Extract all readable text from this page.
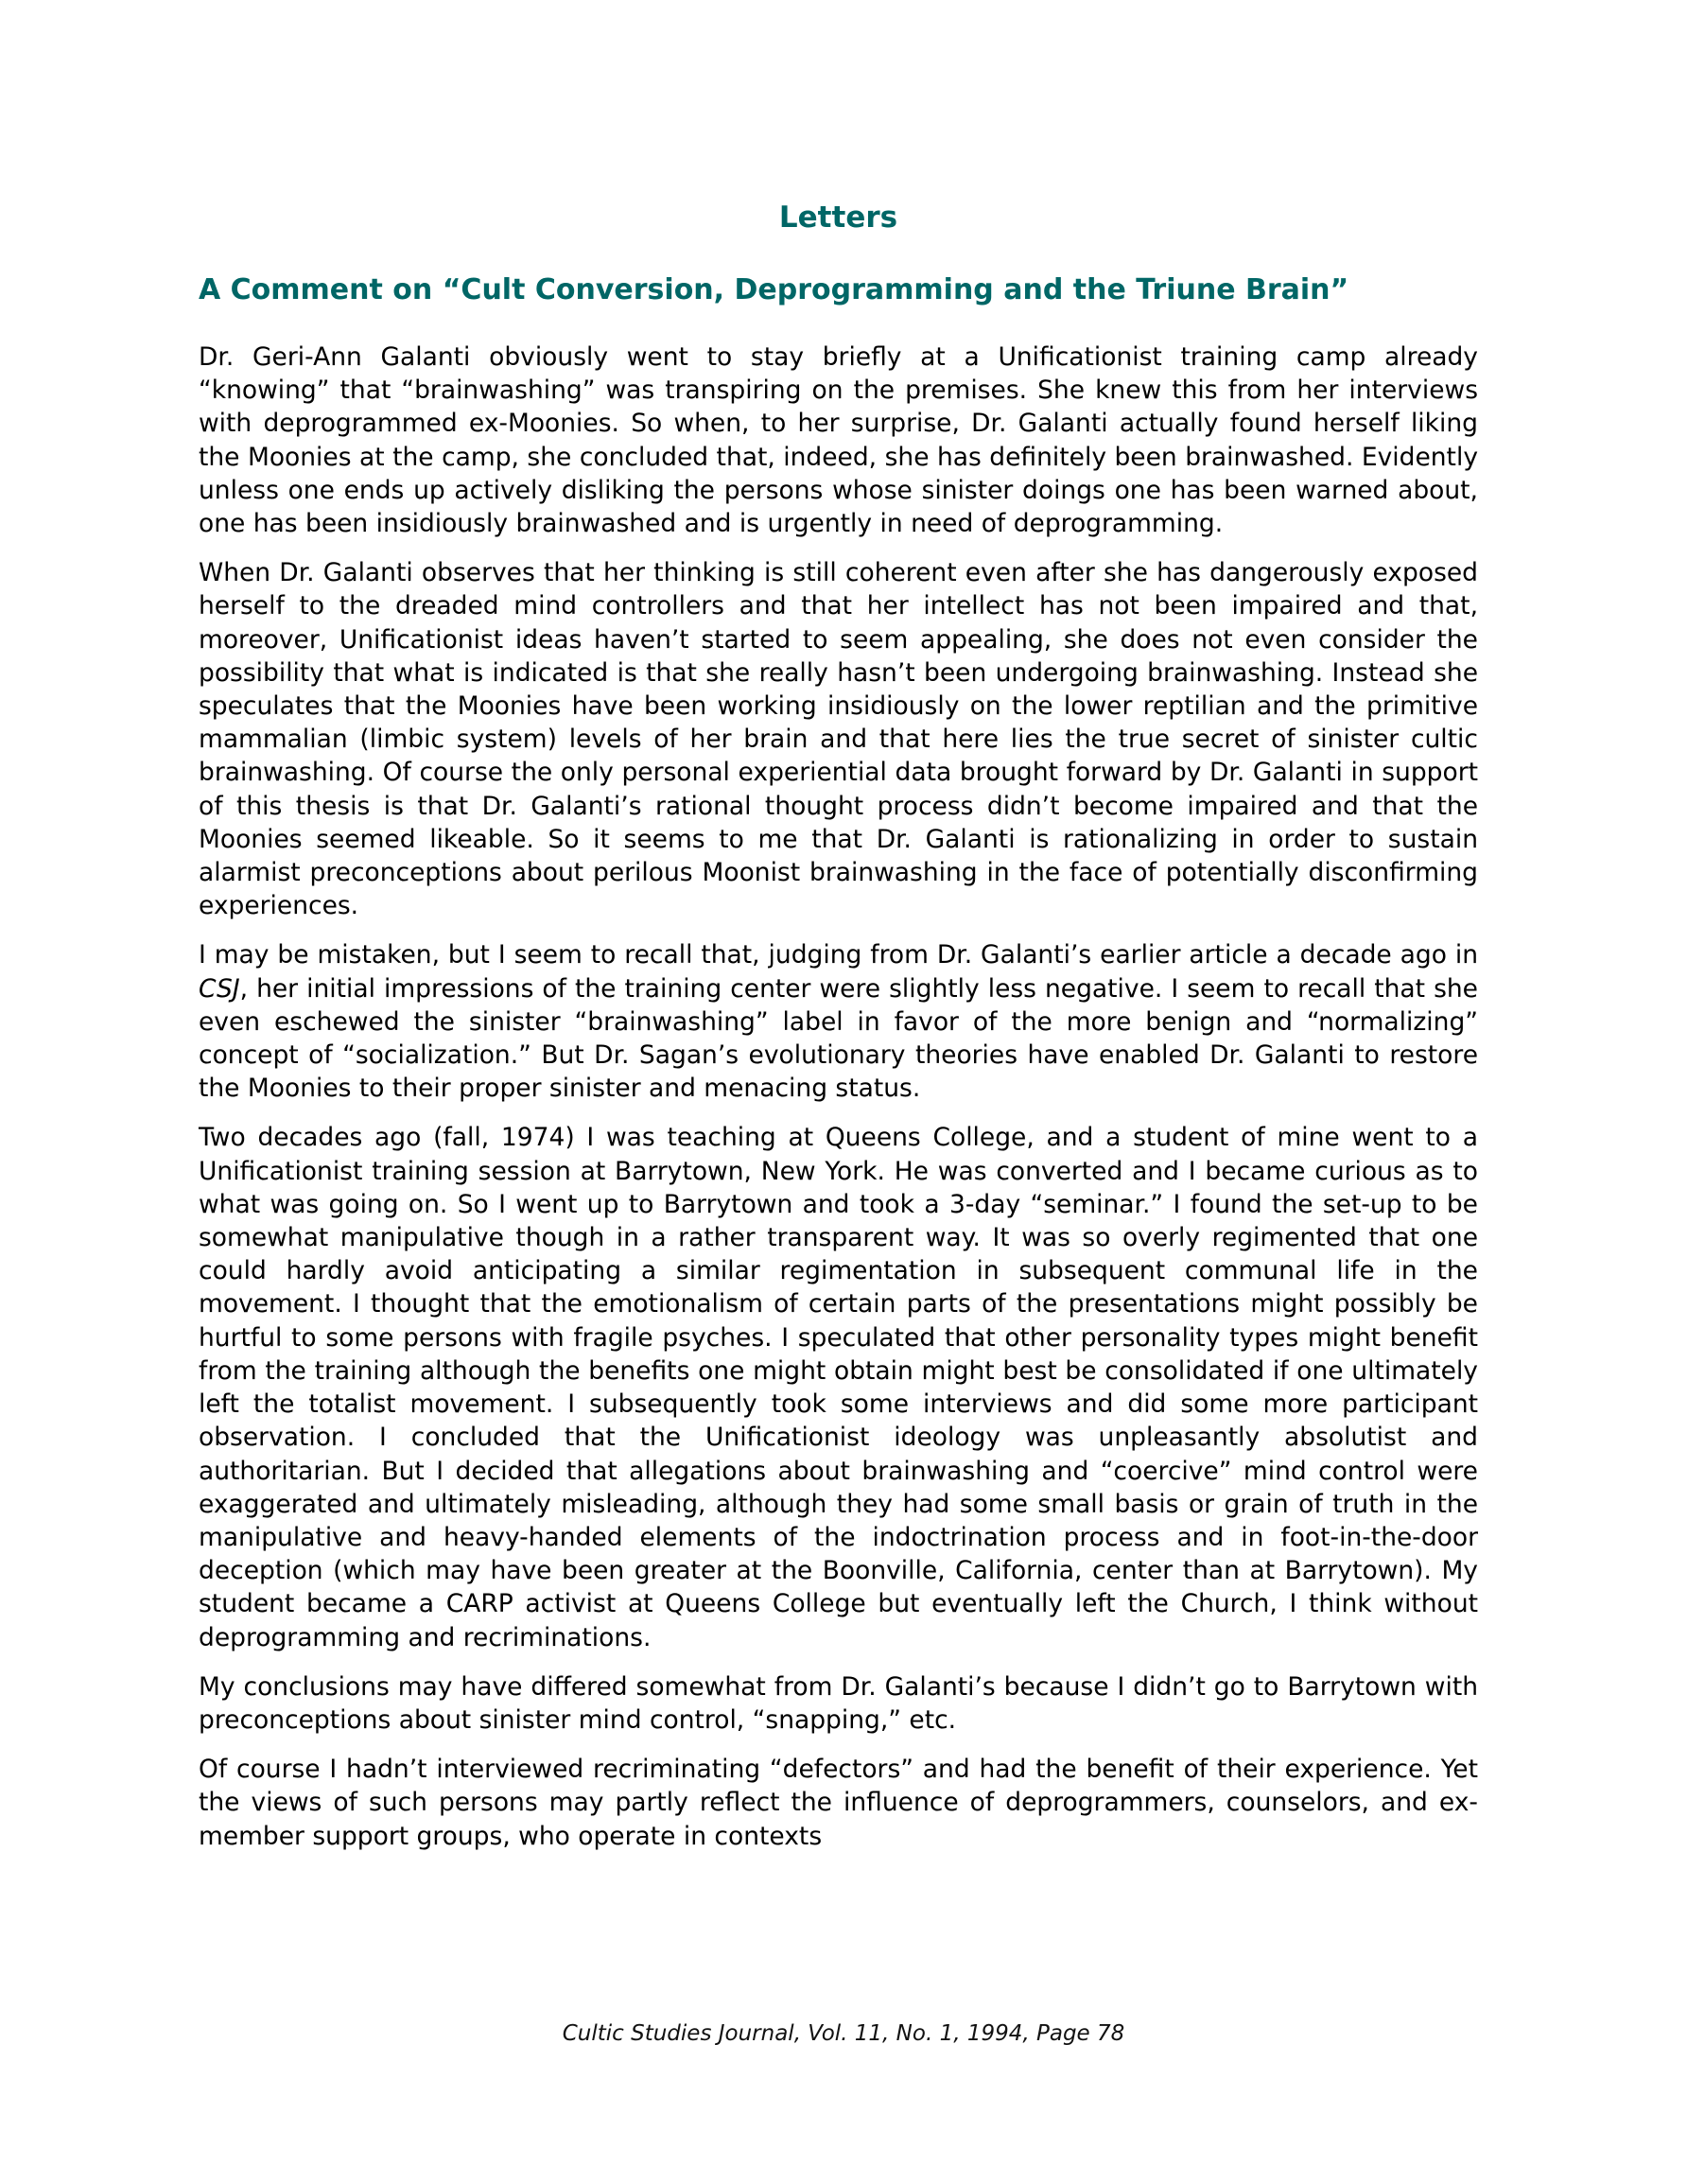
Letters
A Comment on “Cult Conversion, Deprogramming and the Triune Brain”

Dr. Geri-Ann Galanti obviously went to stay briefly at a Unificationist training camp already “knowing” that “brainwashing” was transpiring on the premises. She knew this from her interviews with deprogrammed ex-Moonies. So when, to her surprise, Dr. Galanti actually found herself liking the Moonies at the camp, she concluded that, indeed, she has definitely been brainwashed. Evidently unless one ends up actively disliking the persons whose sinister doings one has been warned about, one has been insidiously brainwashed and is urgently in need of deprogramming.

When Dr. Galanti observes that her thinking is still coherent even after she has dangerously exposed herself to the dreaded mind controllers and that her intellect has not been impaired and that, moreover, Unificationist ideas haven’t started to seem appealing, she does not even consider the possibility that what is indicated is that she really hasn’t been undergoing brainwashing. Instead she speculates that the Moonies have been working insidiously on the lower reptilian and the primitive mammalian (limbic system) levels of her brain and that here lies the true secret of sinister cultic brainwashing. Of course the only personal experiential data brought forward by Dr. Galanti in support of this thesis is that Dr. Galanti’s rational thought process didn’t become impaired and that the Moonies seemed likeable. So it seems to me that Dr. Galanti is rationalizing in order to sustain alarmist preconceptions about perilous Moonist brainwashing in the face of potentially disconfirming experiences.

I may be mistaken, but I seem to recall that, judging from Dr. Galanti’s earlier article a decade ago in CSJ, her initial impressions of the training center were slightly less negative. I seem to recall that she even eschewed the sinister “brainwashing” label in favor of the more benign and “normalizing” concept of “socialization.” But Dr. Sagan’s evolutionary theories have enabled Dr. Galanti to restore the Moonies to their proper sinister and menacing status.

Two decades ago (fall, 1974) I was teaching at Queens College, and a student of mine went to a Unificationist training session at Barrytown, New York. He was converted and I became curious as to what was going on. So I went up to Barrytown and took a 3-day “seminar.” I found the set-up to be somewhat manipulative though in a rather transparent way. It was so overly regimented that one could hardly avoid anticipating a similar regimentation in subsequent communal life in the movement. I thought that the emotionalism of certain parts of the presentations might possibly be hurtful to some persons with fragile psyches. I speculated that other personality types might benefit from the training although the benefits one might obtain might best be consolidated if one ultimately left the totalist movement. I subsequently took some interviews and did some more participant observation. I concluded that the Unificationist ideology was unpleasantly absolutist and authoritarian. But I decided that allegations about brainwashing and “coercive” mind control were exaggerated and ultimately misleading, although they had some small basis or grain of truth in the manipulative and heavy-handed elements of the indoctrination process and in foot-in-the-door deception (which may have been greater at the Boonville, California, center than at Barrytown). My student became a CARP activist at Queens College but eventually left the Church, I think without deprogramming and recriminations.

My conclusions may have differed somewhat from Dr. Galanti’s because I didn’t go to Barrytown with preconceptions about sinister mind control, “snapping,” etc.

Of course I hadn’t interviewed recriminating “defectors” and had the benefit of their experience. Yet the views of such persons may partly reflect the influence of deprogrammers, counselors, and ex-member support groups, who operate in contexts

Cultic Studies Journal, Vol. 11, No. 1, 1994, Page 78
